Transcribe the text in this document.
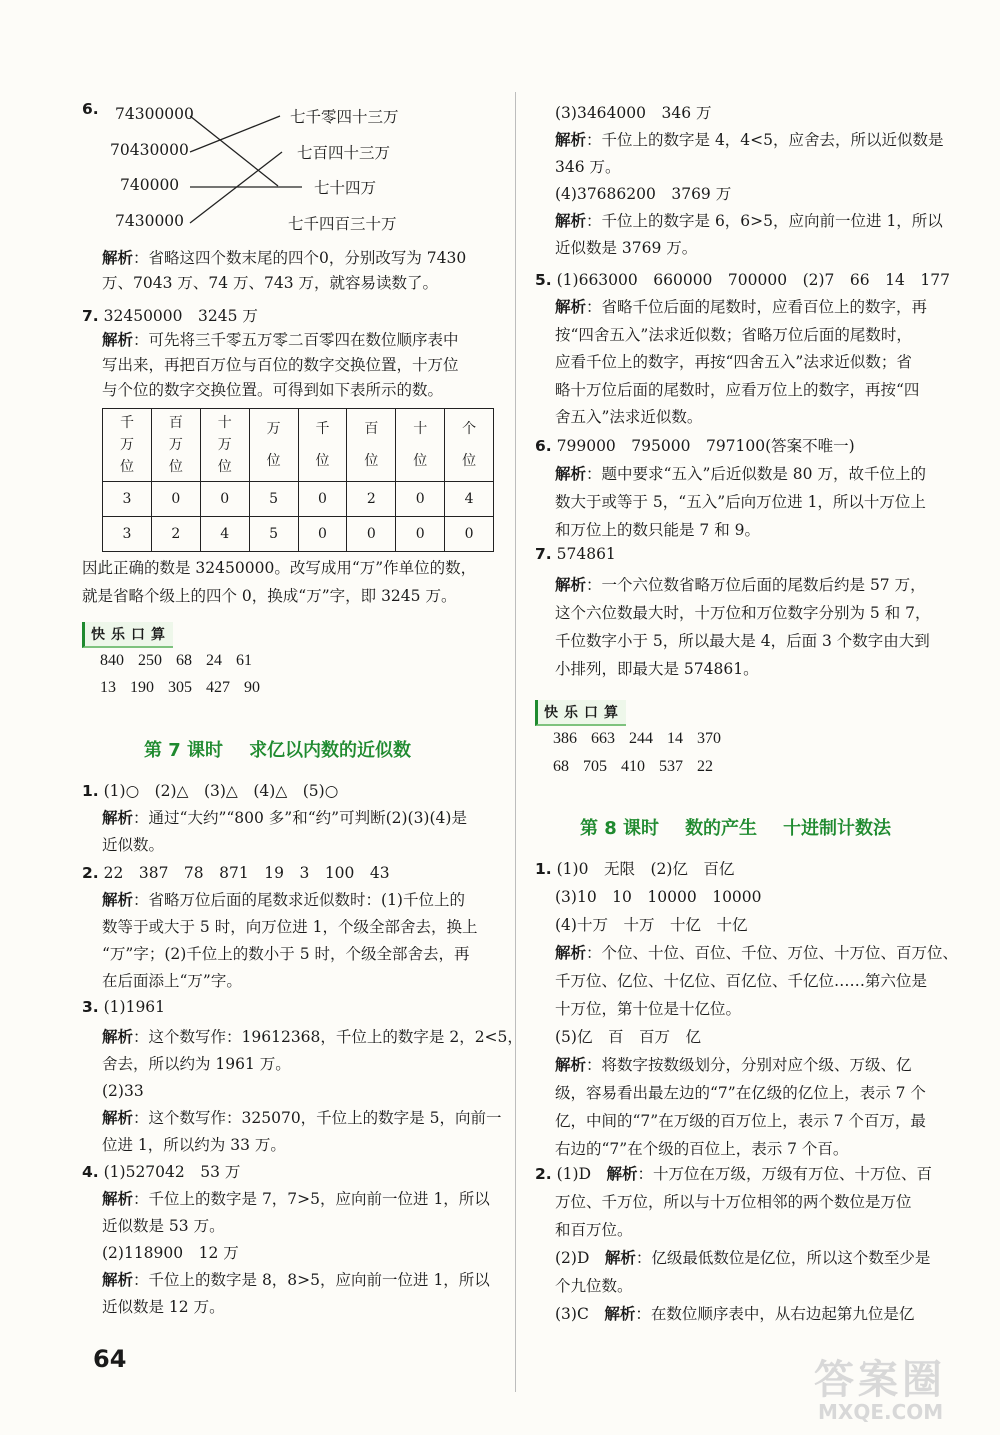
6. 74300000
70430000
740000
7430000
七千零四十三万
七百四十三万
七十四万
七千四百三十万
解析：省略这四个数末尾的四个0，分别改写为 7430
万、7043 万、74 万、743 万，就容易读数了。
7. 32450000　3245 万
解析：可先将三千零五万零二百零四在数位顺序表中
写出来，再把百万位与百位的数字交换位置，十万位
与个位的数字交换位置。可得到如下表所示的数。
千万位	百万位	十万位	万位	千位	百位	十位	个位
3	0	0	5	0	2	0	4
3	2	4	5	0	0	0	0
因此正确的数是 32450000。改写成用“万”作单位的数，
就是省略个级上的四个 0，换成“万”字，即 3245 万。
快乐口算
840 250 68 24 61
13 190 305 427 90
第 7 课时 求亿以内数的近似数
1. (1)○　(2)△　(3)△　(4)△　(5)○
解析：通过“大约”“800 多”和“约”可判断(2)(3)(4)是
近似数。
2. 22　387　78　871　19　3　100　43
解析：省略万位后面的尾数求近似数时：(1)千位上的
数等于或大于 5 时，向万位进 1，个级全部舍去，换上
“万”字；(2)千位上的数小于 5 时，个级全部舍去，再
在后面添上“万”字。
3. (1)1961
解析：这个数写作：19612368，千位上的数字是 2，2<5，
舍去，所以约为 1961 万。
(2)33
解析：这个数写作：325070，千位上的数字是 5，向前一
位进 1，所以约为 33 万。
4. (1)527042　53 万
解析：千位上的数字是 7，7>5，应向前一位进 1，所以
近似数是 53 万。
(2)118900　12 万
解析：千位上的数字是 8，8>5，应向前一位进 1，所以
近似数是 12 万。
(3)3464000　346 万
解析：千位上的数字是 4，4<5，应舍去，所以近似数是
346 万。
(4)37686200　3769 万
解析：千位上的数字是 6，6>5，应向前一位进 1，所以
近似数是 3769 万。
5. (1)663000　660000　700000　(2)7　66　14　177
解析：省略千位后面的尾数时，应看百位上的数字，再
按“四舍五入”法求近似数；省略万位后面的尾数时，
应看千位上的数字，再按“四舍五入”法求近似数；省
略十万位后面的尾数时，应看万位上的数字，再按“四
舍五入”法求近似数。
6. 799000　795000　797100(答案不唯一)
解析：题中要求“五入”后近似数是 80 万，故千位上的
数大于或等于 5，“五入”后向万位进 1，所以十万位上
和万位上的数只能是 7 和 9。
7. 574861
解析：一个六位数省略万位后面的尾数后约是 57 万，
这个六位数最大时，十万位和万位数字分别为 5 和 7，
千位数字小于 5，所以最大是 4，后面 3 个数字由大到
小排列，即最大是 574861。
快乐口算
386 663 244 14 370
68 705 410 537 22
第 8 课时 数的产生 十进制计数法
1. (1)0　无限　(2)亿　百亿
(3)10　10　10000　10000
(4)十万　十万　十亿　十亿
解析：个位、十位、百位、千位、万位、十万位、百万位、
千万位、亿位、十亿位、百亿位、千亿位……第六位是
十万位，第十位是十亿位。
(5)亿　百　百万　亿
解析：将数字按数级划分，分别对应个级、万级、亿
级，容易看出最左边的“7”在亿级的亿位上，表示 7 个
亿，中间的“7”在万级的百万位上，表示 7 个百万，最
右边的“7”在个级的百位上，表示 7 个百。
2. (1)D　 解析：十万位在万级，万级有万位、十万位、百
万位、千万位，所以与十万位相邻的两个数位是万位
和百万位。
(2)D　 解析：亿级最低数位是亿位，所以这个数至少是
个九位数。
(3)C　 解析：在数位顺序表中，从右边起第九位是亿
64	答案圈
MXQE.COM
